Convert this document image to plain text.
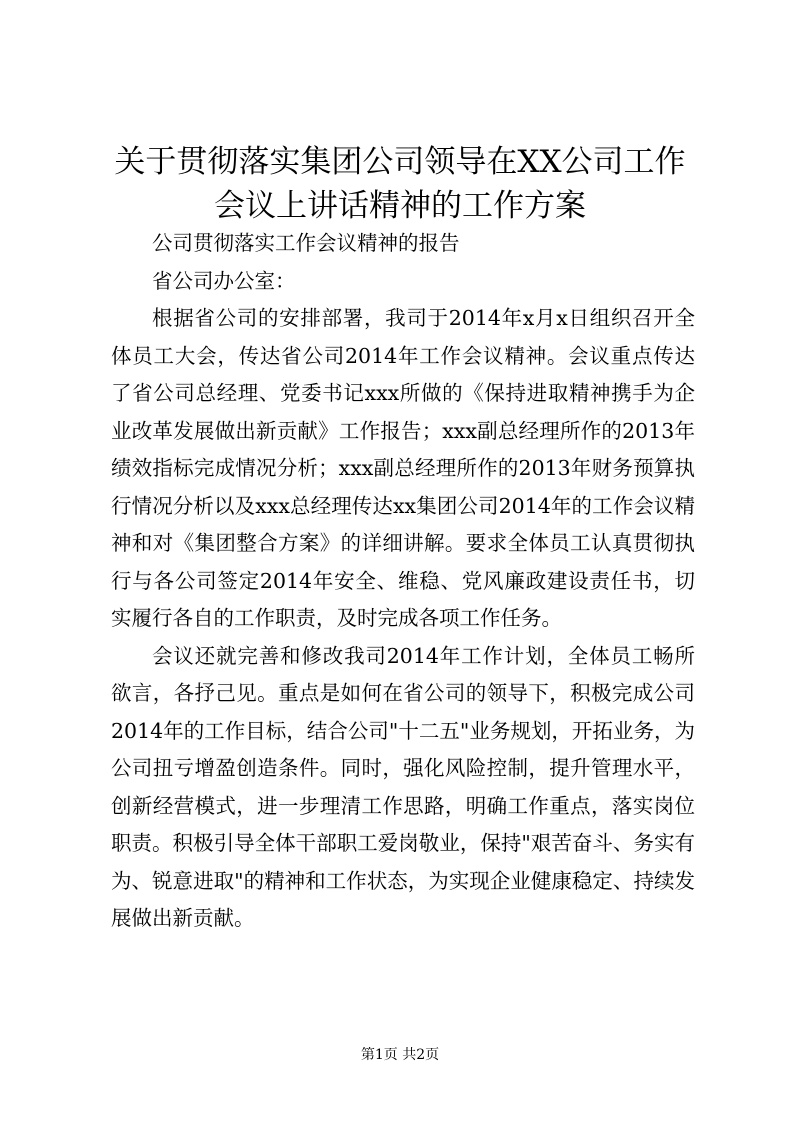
关于贯彻落实集团公司领导在XX公司工作会议上讲话精神的工作方案

公司贯彻落实工作会议精神的报告

省公司办公室：

根据省公司的安排部署，我司于2014年x月x日组织召开全体员工大会，传达省公司2014年工作会议精神。会议重点传达了省公司总经理、党委书记xxx所做的《保持进取精神携手为企业改革发展做出新贡献》工作报告；xxx副总经理所作的2013年绩效指标完成情况分析；xxx副总经理所作的2013年财务预算执行情况分析以及xxx总经理传达xx集团公司2014年的工作会议精神和对《集团整合方案》的详细讲解。要求全体员工认真贯彻执行与各公司签定2014年安全、维稳、党风廉政建设责任书，切实履行各自的工作职责，及时完成各项工作任务。

会议还就完善和修改我司2014年工作计划，全体员工畅所欲言，各抒己见。重点是如何在省公司的领导下，积极完成公司2014年的工作目标，结合公司"十二五"业务规划，开拓业务，为公司扭亏增盈创造条件。同时，强化风险控制，提升管理水平，创新经营模式，进一步理清工作思路，明确工作重点，落实岗位职责。积极引导全体干部职工爱岗敬业，保持"艰苦奋斗、务实有为、锐意进取"的精神和工作状态，为实现企业健康稳定、持续发展做出新贡献。

第1页 共2页
